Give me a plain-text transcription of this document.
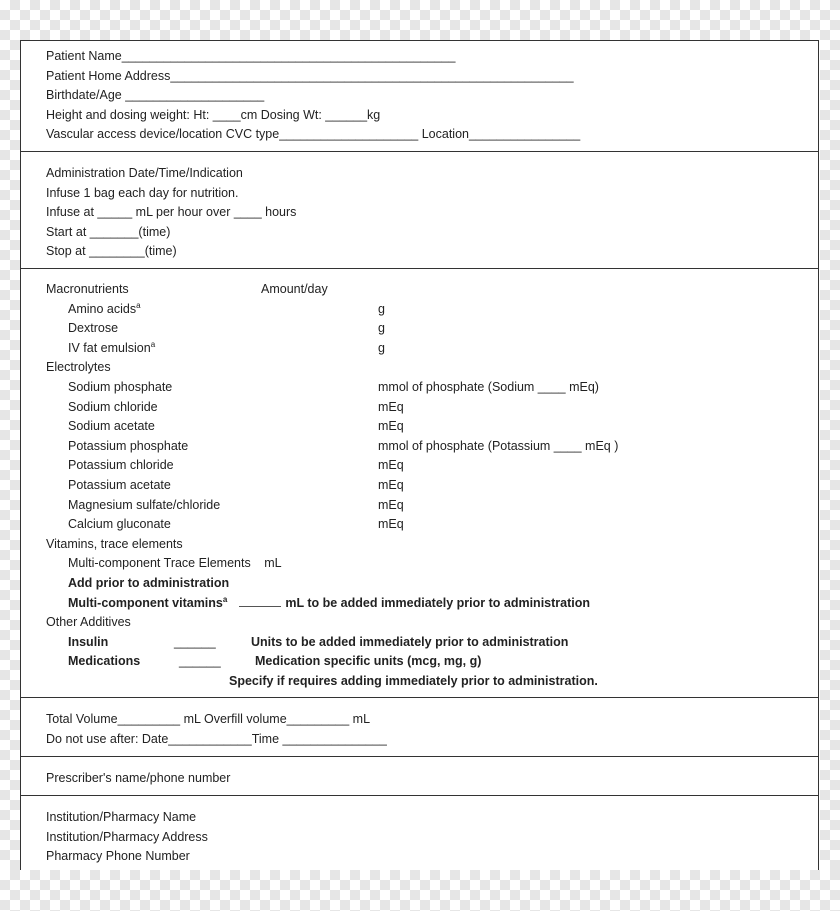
Patient Name________________________________________________
Patient Home Address__________________________________________________________
Birthdate/Age ____________________
Height and dosing weight: Ht: ____cm Dosing Wt: ______kg
Vascular access device/location CVC type____________________ Location________________
Administration Date/Time/Indication
Infuse 1 bag each day for nutrition.
Infuse at _____ mL per hour over ____ hours
Start at _______(time)
Stop at ________(time)
Macronutrients	Amount/day
Amino acids$^a$	g
Dextrose	g
IV fat emulsion$^a$	g
Electrolytes
Sodium phosphate	mmol of phosphate (Sodium ____ mEq)
Sodium chloride	mEq
Sodium acetate	mEq
Potassium phosphate	mmol of phosphate (Potassium ____ mEq )
Potassium chloride	mEq
Potassium acetate	mEq
Magnesium sulfate/chloride	mEq
Calcium gluconate	mEq
Vitamins, trace elements
Multi-component Trace Elements mL
Add prior to administration
Multi-component vitamins$^a$	mL to be added immediately prior to administration
Other Additives
Insulin	______	Units to be added immediately prior to administration
Medications	______	Medication specific units (mcg, mg, g)
Specify if requires adding immediately prior to administration.
Total Volume_________ mL Overfill volume_________ mL
Do not use after: Date____________Time _______________
Prescriber's name/phone number
Institution/Pharmacy Name
Institution/Pharmacy Address
Pharmacy Phone Number
